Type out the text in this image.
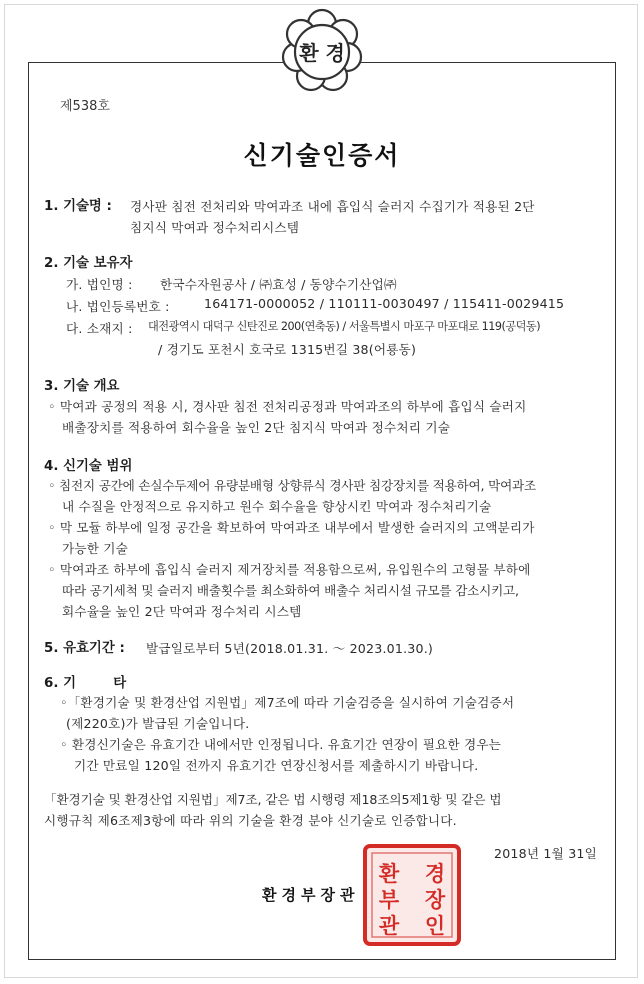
환 경
제538호
신기술인증서
1. 기술명 : 경사판 침전 전처리와 막여과조 내에 흡입식 슬러지 수집기가 적용된 2단
침지식 막여과 정수처리시스템
2. 기술 보유자
가. 법인명 : 한국수자원공사 / ㈜효성 / 동양수기산업㈜
나. 법인등록번호 :	164171-0000052 / 110111-0030497 / 115411-0029415
다. 소재지 : 대전광역시 대덕구 신탄진로 200(연축동) / 서울특별시 마포구 마포대로 119(공덕동)
/ 경기도 포천시 호국로 1315번길 38(어룡동)
3. 기술 개요
◦ 막여과 공정의 적용 시, 경사판 침전 전처리공정과 막여과조의 하부에 흡입식 슬러지
배출장치를 적용하여 회수율을 높인 2단 침지식 막여과 정수처리 기술
4. 신기술 범위
◦ 침전지 공간에 손실수두제어 유량분배형 상향류식 경사판 침강장치를 적용하여, 막여과조
내 수질을 안정적으로 유지하고 원수 회수율을 향상시킨 막여과 정수처리기술
◦ 막 모듈 하부에 일정 공간을 확보하여 막여과조 내부에서 발생한 슬러지의 고액분리가
가능한 기술
◦ 막여과조 하부에 흡입식 슬러지 제거장치를 적용함으로써, 유입원수의 고형물 부하에
따라 공기세척 및 슬러지 배출횟수를 최소화하여 배출수 처리시설 규모를 감소시키고,
회수율을 높인 2단 막여과 정수처리 시스템
5. 유효기간 : 발급일로부터 5년(2018.01.31. ～ 2023.01.30.)
6. 기        타
◦「환경기술 및 환경산업 지원법」제7조에 따라 기술검증을 실시하여 기술검증서
(제220호)가 발급된 기술입니다.
◦ 환경신기술은 유효기간 내에서만 인정됩니다. 유효기간 연장이 필요한 경우는
기간 만료일 120일 전까지 유효기간 연장신청서를 제출하시기 바랍니다.
「환경기술 및 환경산업 지원법」제7조, 같은 법 시행령 제18조의5제1항 및 같은 법
시행규칙 제6조제3항에 따라 위의 기술을 환경 분야 신기술로 인증합니다.
2018년 1월 31일
환 경
부 장
관 인
환경부장관
